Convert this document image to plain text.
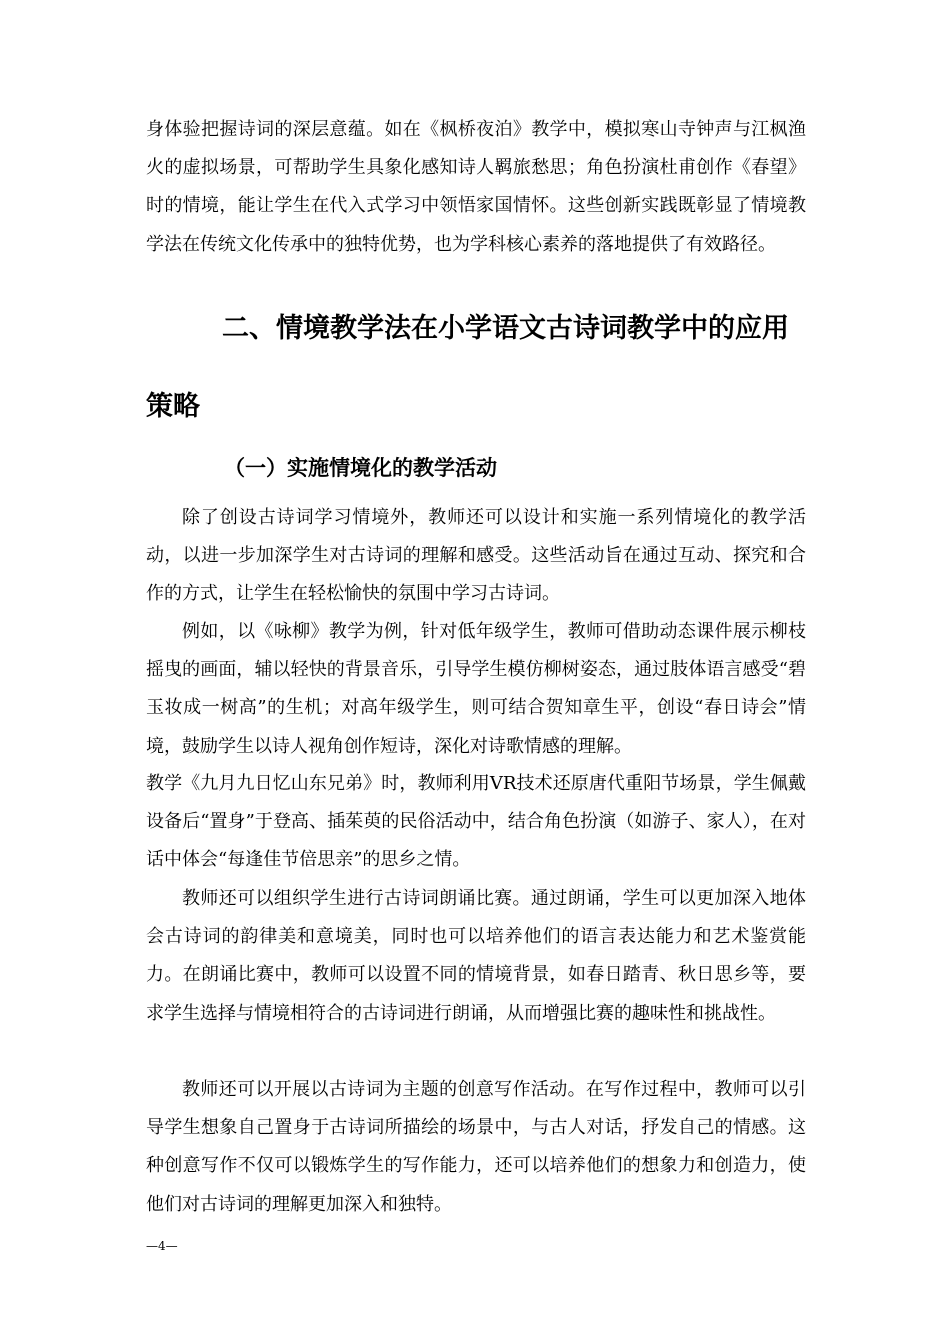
身体验把握诗词的深层意蕴。如在《枫桥夜泊》教学中，模拟寒山寺钟声与江枫渔火的虚拟场景，可帮助学生具象化感知诗人羁旅愁思；角色扮演杜甫创作《春望》时的情境，能让学生在代入式学习中领悟家国情怀。这些创新实践既彰显了情境教学法在传统文化传承中的独特优势，也为学科核心素养的落地提供了有效路径。

二、情境教学法在小学语文古诗词教学中的应用策略
（一）实施情境化的教学活动

除了创设古诗词学习情境外，教师还可以设计和实施一系列情境化的教学活动，以进一步加深学生对古诗词的理解和感受。这些活动旨在通过互动、探究和合作的方式，让学生在轻松愉快的氛围中学习古诗词。

例如，以《咏柳》教学为例，针对低年级学生，教师可借助动态课件展示柳枝摇曳的画面，辅以轻快的背景音乐，引导学生模仿柳树姿态，通过肢体语言感受“碧玉妆成一树高”的生机；对高年级学生，则可结合贺知章生平，创设“春日诗会”情境，鼓励学生以诗人视角创作短诗，深化对诗歌情感的理解。

教学《九月九日忆山东兄弟》时，教师利用VR技术还原唐代重阳节场景，学生佩戴设备后“置身”于登高、插茱萸的民俗活动中，结合角色扮演（如游子、家人），在对话中体会“每逢佳节倍思亲”的思乡之情。

教师还可以组织学生进行古诗词朗诵比赛。通过朗诵，学生可以更加深入地体会古诗词的韵律美和意境美，同时也可以培养他们的语言表达能力和艺术鉴赏能力。在朗诵比赛中，教师可以设置不同的情境背景，如春日踏青、秋日思乡等，要求学生选择与情境相符合的古诗词进行朗诵，从而增强比赛的趣味性和挑战性。

教师还可以开展以古诗词为主题的创意写作活动。在写作过程中，教师可以引导学生想象自己置身于古诗词所描绘的场景中，与古人对话，抒发自己的情感。这种创意写作不仅可以锻炼学生的写作能力，还可以培养他们的想象力和创造力，使他们对古诗词的理解更加深入和独特。

—4—
